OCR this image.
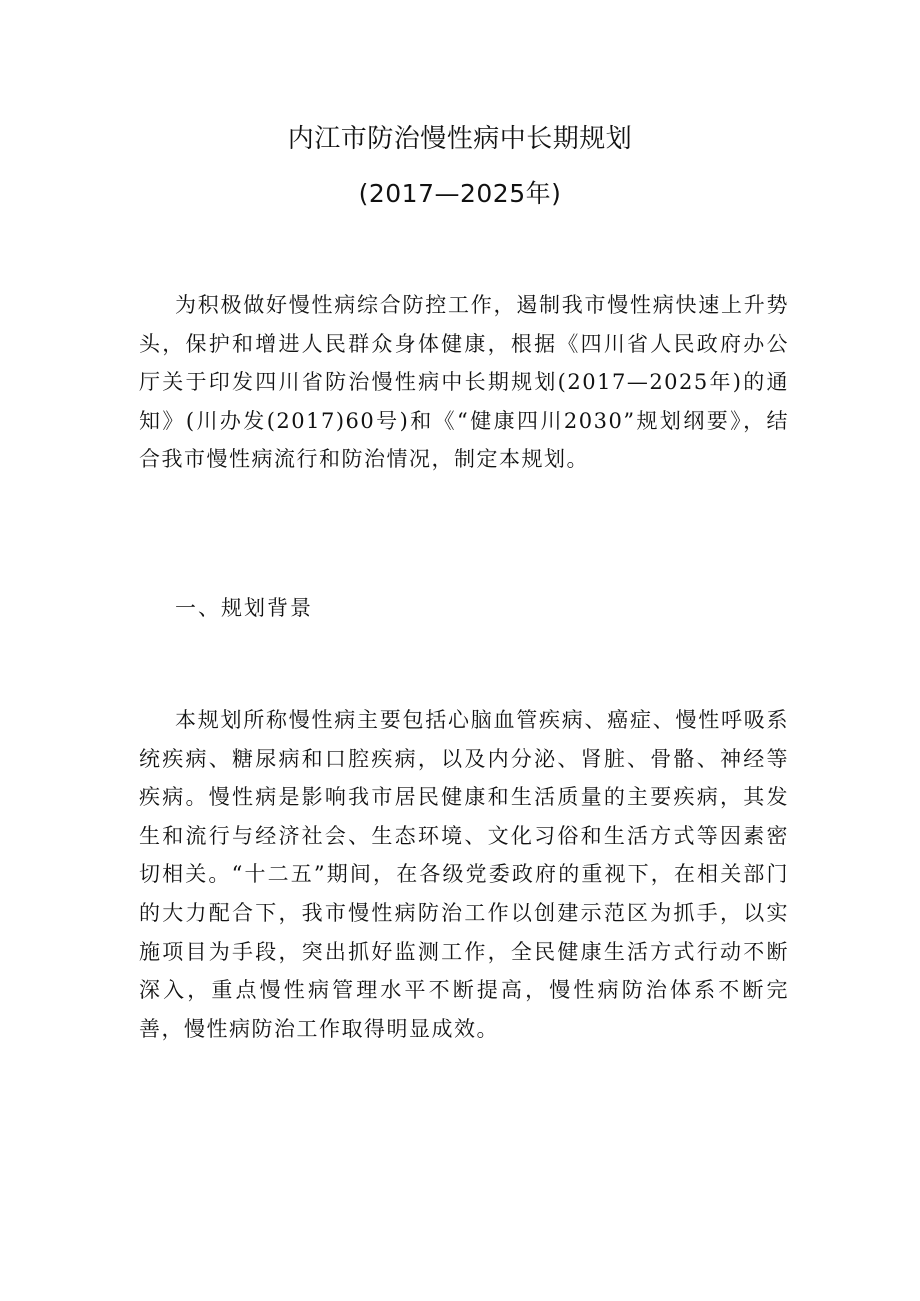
内江市防治慢性病中长期规划
(2017—2025年)

为积极做好慢性病综合防控工作，遏制我市慢性病快速上升势头，保护和增进人民群众身体健康，根据《四川省人民政府办公厅关于印发四川省防治慢性病中长期规划(2017—2025年)的通知》(川办发(2017)60号)和《“健康四川2030”规划纲要》，结合我市慢性病流行和防治情况，制定本规划。

一、规划背景

本规划所称慢性病主要包括心脑血管疾病、癌症、慢性呼吸系统疾病、糖尿病和口腔疾病，以及内分泌、肾脏、骨骼、神经等疾病。慢性病是影响我市居民健康和生活质量的主要疾病，其发生和流行与经济社会、生态环境、文化习俗和生活方式等因素密切相关。“十二五”期间，在各级党委政府的重视下，在相关部门的大力配合下，我市慢性病防治工作以创建示范区为抓手，以实施项目为手段，突出抓好监测工作，全民健康生活方式行动不断深入，重点慢性病管理水平不断提高，慢性病防治体系不断完善，慢性病防治工作取得明显成效。
